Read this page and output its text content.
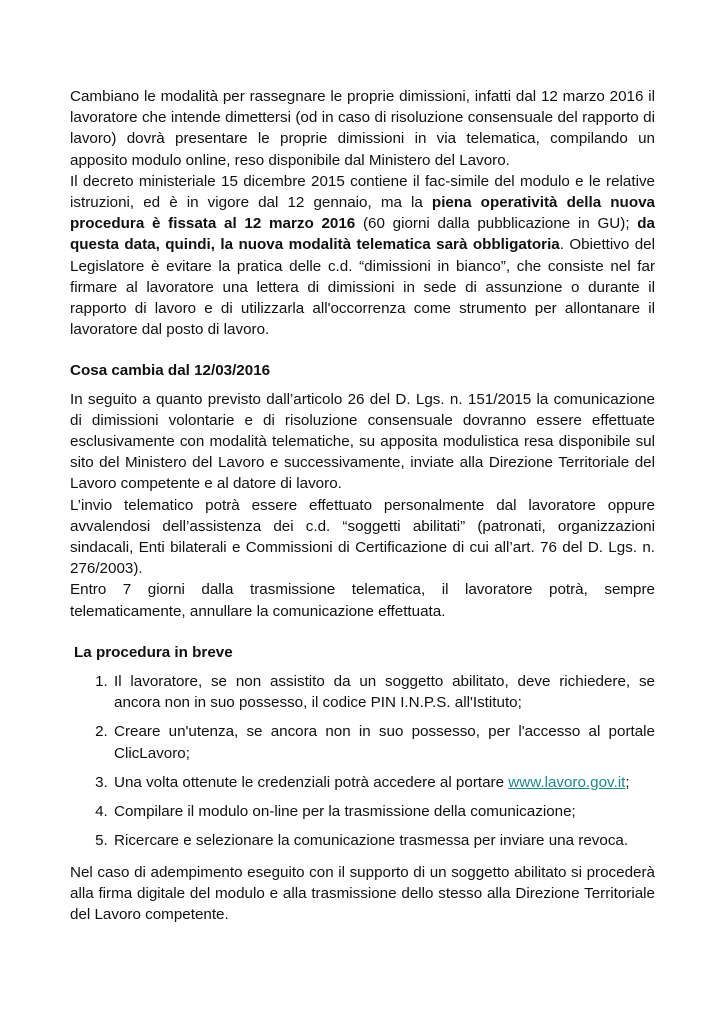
Cambiano le modalità per rassegnare le proprie dimissioni, infatti dal 12 marzo 2016 il lavoratore che intende dimettersi (od in caso di risoluzione consensuale del rapporto di lavoro) dovrà presentare le proprie dimissioni in via telematica, compilando un apposito modulo online, reso disponibile dal Ministero del Lavoro.

Il decreto ministeriale 15 dicembre 2015 contiene il fac-simile del modulo e le relative istruzioni, ed è in vigore dal 12 gennaio, ma la piena operatività della nuova procedura è fissata al 12 marzo 2016 (60 giorni dalla pubblicazione in GU); da questa data, quindi, la nuova modalità telematica sarà obbligatoria. Obiettivo del Legislatore è evitare la pratica delle c.d. “dimissioni in bianco”, che consiste nel far firmare al lavoratore una lettera di dimissioni in sede di assunzione o durante il rapporto di lavoro e di utilizzarla all'occorrenza come strumento per allontanare il lavoratore dal posto di lavoro.

Cosa cambia dal 12/03/2016

In seguito a quanto previsto dall’articolo 26 del D. Lgs. n. 151/2015 la comunicazione di dimissioni volontarie e di risoluzione consensuale dovranno essere effettuate esclusivamente con modalità telematiche, su apposita modulistica resa disponibile sul sito del Ministero del Lavoro e successivamente, inviate alla Direzione Territoriale del Lavoro competente e al datore di lavoro.

L’invio telematico potrà essere effettuato personalmente dal lavoratore oppure avvalendosi dell’assistenza dei c.d. “soggetti abilitati” (patronati, organizzazioni sindacali, Enti bilaterali e Commissioni di Certificazione di cui all’art. 76 del D. Lgs. n. 276/2003).

Entro 7 giorni dalla trasmissione telematica, il lavoratore potrà, sempre telematicamente, annullare la comunicazione effettuata.

La procedura in breve

1. Il lavoratore, se non assistito da un soggetto abilitato, deve richiedere, se ancora non in suo possesso, il codice PIN I.N.P.S. all'Istituto;
2. Creare un'utenza, se ancora non in suo possesso, per l'accesso al portale ClicLavoro;
3. Una volta ottenute le credenziali potrà accedere al portare www.lavoro.gov.it;
4. Compilare il modulo on-line per la trasmissione della comunicazione;
5. Ricercare e selezionare la comunicazione trasmessa per inviare una revoca.

Nel caso di adempimento eseguito con il supporto di un soggetto abilitato si procederà alla firma digitale del modulo e alla trasmissione dello stesso alla Direzione Territoriale del Lavoro competente.
